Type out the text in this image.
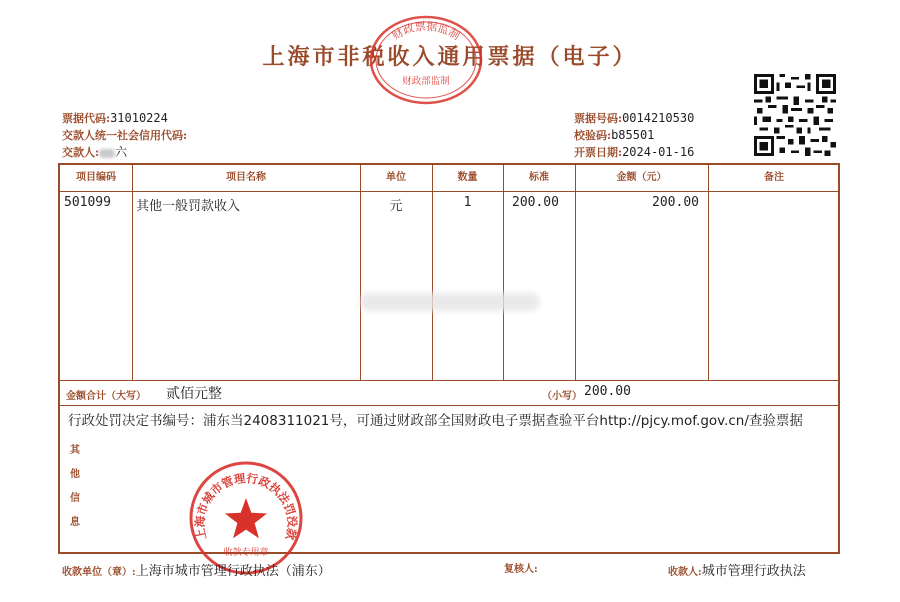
上海市非税收入通用票据（电子）
财政票据监制
财政部监制
票据代码:31010224
交款人统一社会信用代码:
交款人: 六
票据号码:0014210530
校验码:b85501
开票日期:2024-01-16
项目编码	项目名称	单位	数量	标准	金额（元）	备注
501099 其他一般罚款收入	元	1	200.00	200.00
金额合计（大写） 贰佰元整	（小写） 200.00
行政处罚决定书编号：浦东当2408311021号，可通过财政部全国财政电子票据查验平台http://pjcy.mof.gov.cn/查验票据
其他信息
上海市城市管理行政执法罚没款
收款专用章
收款单位（章）:上海市城市管理行政执法（浦东）	复核人:	收款人:城市管理行政执法
